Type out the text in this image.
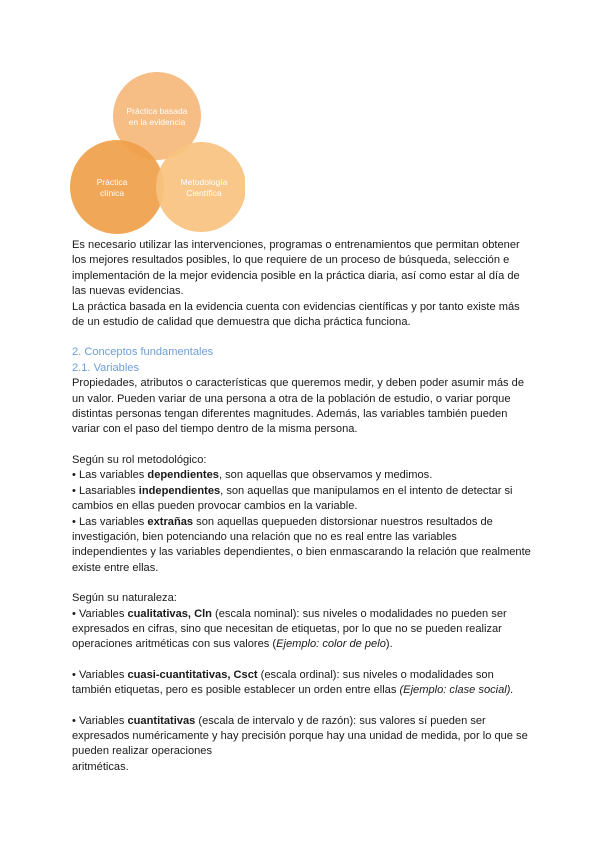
Práctica basada
en la evidencia
Práctica
clínica
Metodología
Científica

Es necesario utilizar las intervenciones, programas o entrenamientos que permitan obtener los mejores resultados posibles, lo que requiere de un proceso de búsqueda, selección e implementación de la mejor evidencia posible en la práctica diaria, así como estar al día de las nuevas evidencias.

La práctica basada en la evidencia cuenta con evidencias científicas y por tanto existe más de un estudio de calidad que demuestra que dicha práctica funciona.

2. Conceptos fundamentales

2.1. Variables

Propiedades, atributos o características que queremos medir, y deben poder asumir más de un valor. Pueden variar de una persona a otra de la población de estudio, o variar porque distintas personas tengan diferentes magnitudes. Además, las variables también pueden variar con el paso del tiempo dentro de la misma persona.

Según su rol metodológico:

• Las variables dependientes, son aquellas que observamos y medimos.

• Lasariables independientes, son aquellas que manipulamos en el intento de detectar si cambios en ellas pueden provocar cambios en la variable.

• Las variables extrañas son aquellas quepueden distorsionar nuestros resultados de investigación, bien potenciando una relación que no es real entre las variables independientes y las variables dependientes, o bien enmascarando la relación que realmente existe entre ellas.

Según su naturaleza:

• Variables cualitativas, Cln (escala nominal): sus niveles o modalidades no pueden ser expresados en cifras, sino que necesitan de etiquetas, por lo que no se pueden realizar operaciones aritméticas con sus valores (Ejemplo: color de pelo).

• Variables cuasi-cuantitativas, Csct (escala ordinal): sus niveles o modalidades son también etiquetas, pero es posible establecer un orden entre ellas (Ejemplo: clase social).

• Variables cuantitativas (escala de intervalo y de razón): sus valores sí pueden ser expresados numéricamente y hay precisión porque hay una unidad de medida, por lo que se pueden realizar operaciones

aritméticas.
